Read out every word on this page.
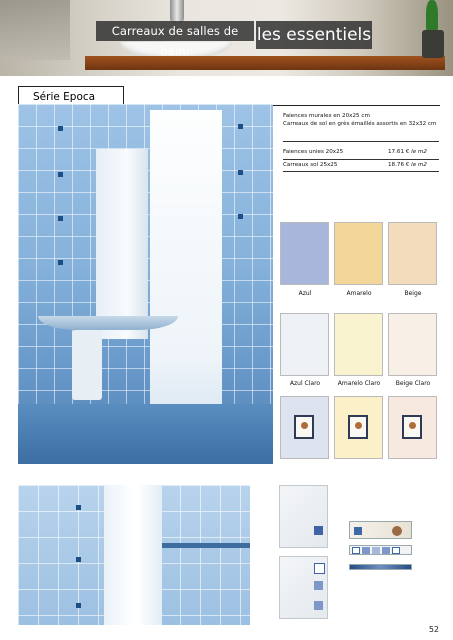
Carreaux de salles de bain:
les essentiels
Série Epoca
Faiences murales en 20x25 cm
Carreaux de sol en grès émaillés assortis en 32x32 cm
Faiences unies 20x25	17.61 € le m2
Carreaux sol 25x25	18.76 € le m2
Azul	Amarelo	Beige
Azul Claro	Amarelo Claro	Beige Claro
52
